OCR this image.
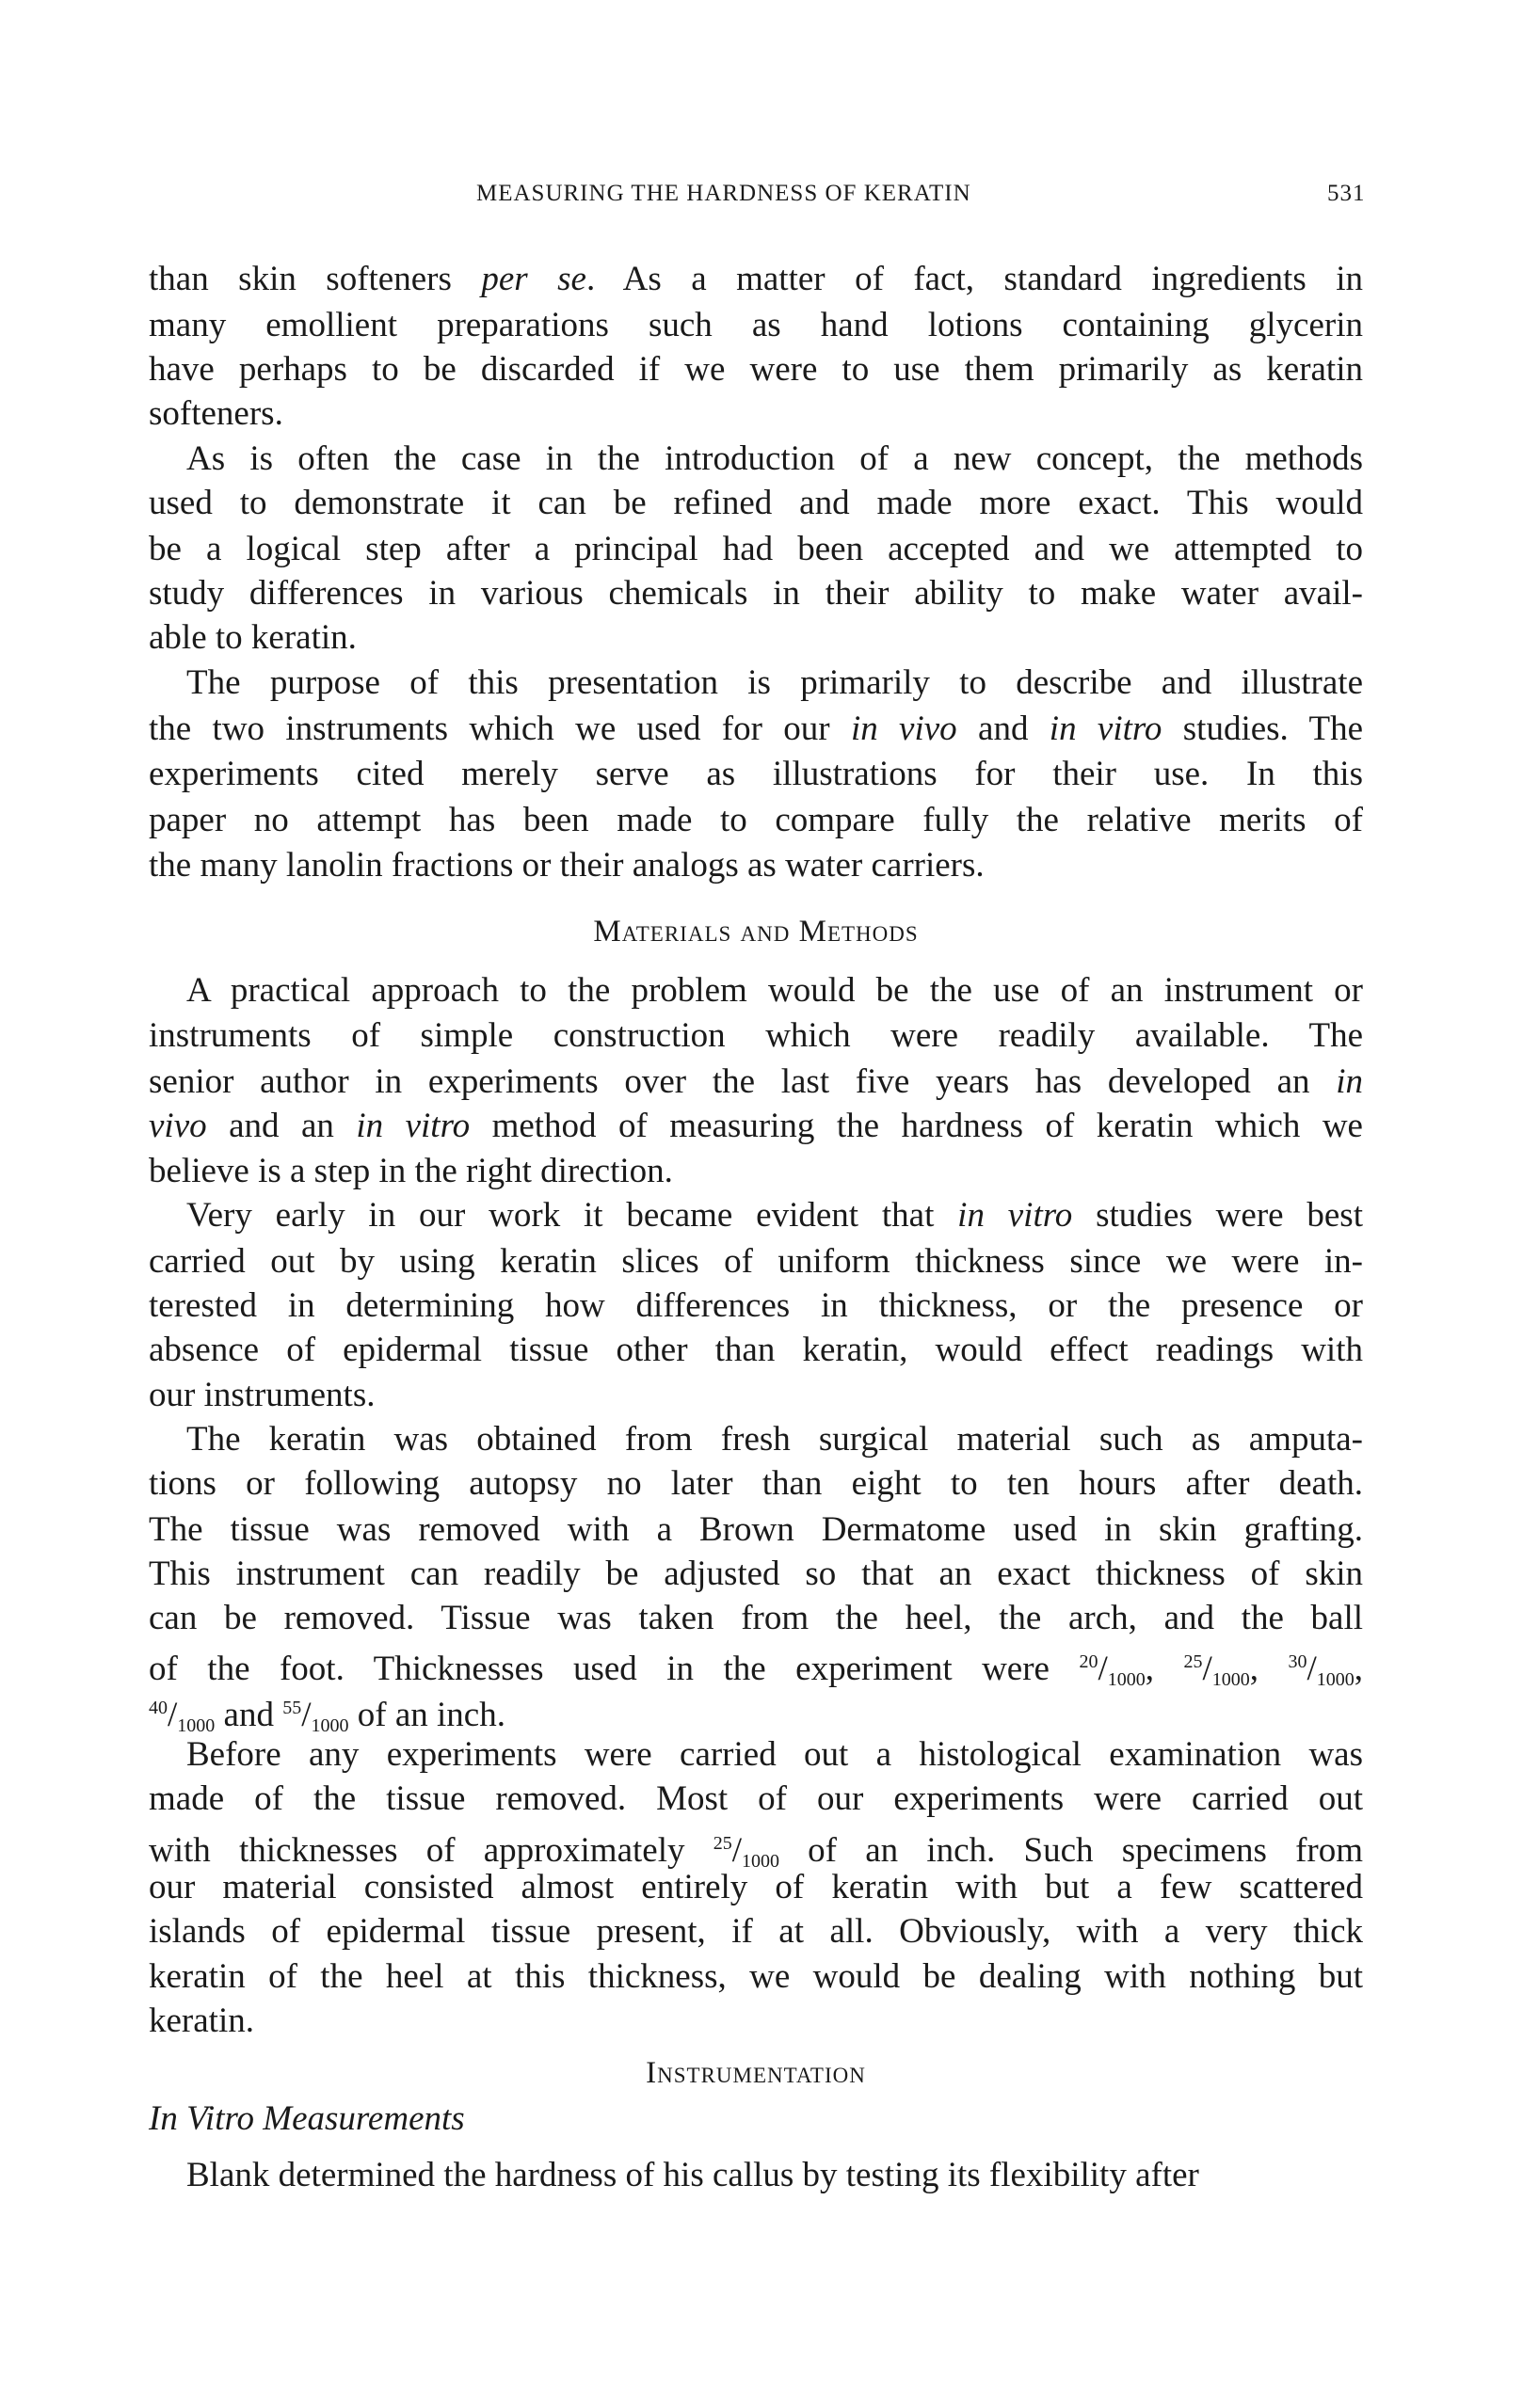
MEASURING THE HARDNESS OF KERATIN	531
than skin softeners per se. As a matter of fact, standard ingredients in
many emollient preparations such as hand lotions containing glycerin
have perhaps to be discarded if we were to use them primarily as keratin
softeners.
As is often the case in the introduction of a new concept, the methods
used to demonstrate it can be refined and made more exact. This would
be a logical step after a principal had been accepted and we attempted to
study differences in various chemicals in their ability to make water avail-
able to keratin.
The purpose of this presentation is primarily to describe and illustrate
the two instruments which we used for our in vivo and in vitro studies. The
experiments cited merely serve as illustrations for their use. In this
paper no attempt has been made to compare fully the relative merits of
the many lanolin fractions or their analogs as water carriers.
Materials and Methods
A practical approach to the problem would be the use of an instrument or
instruments of simple construction which were readily available. The
senior author in experiments over the last five years has developed an in
vivo and an in vitro method of measuring the hardness of keratin which we
believe is a step in the right direction.
Very early in our work it became evident that in vitro studies were best
carried out by using keratin slices of uniform thickness since we were in-
terested in determining how differences in thickness, or the presence or
absence of epidermal tissue other than keratin, would effect readings with
our instruments.
The keratin was obtained from fresh surgical material such as amputa-
tions or following autopsy no later than eight to ten hours after death.
The tissue was removed with a Brown Dermatome used in skin grafting.
This instrument can readily be adjusted so that an exact thickness of skin
can be removed. Tissue was taken from the heel, the arch, and the ball
of the foot. Thicknesses used in the experiment were $^{20}/_{1000}$, $^{25}/_{1000}$, $^{30}/_{1000}$,
$^{40}/_{1000}$ and $^{55}/_{1000}$ of an inch.
Before any experiments were carried out a histological examination was
made of the tissue removed. Most of our experiments were carried out
with thicknesses of approximately $^{25}/_{1000}$ of an inch. Such specimens from
our material consisted almost entirely of keratin with but a few scattered
islands of epidermal tissue present, if at all. Obviously, with a very thick
keratin of the heel at this thickness, we would be dealing with nothing but
keratin.
Instrumentation
In Vitro Measurements
Blank determined the hardness of his callus by testing its flexibility after
